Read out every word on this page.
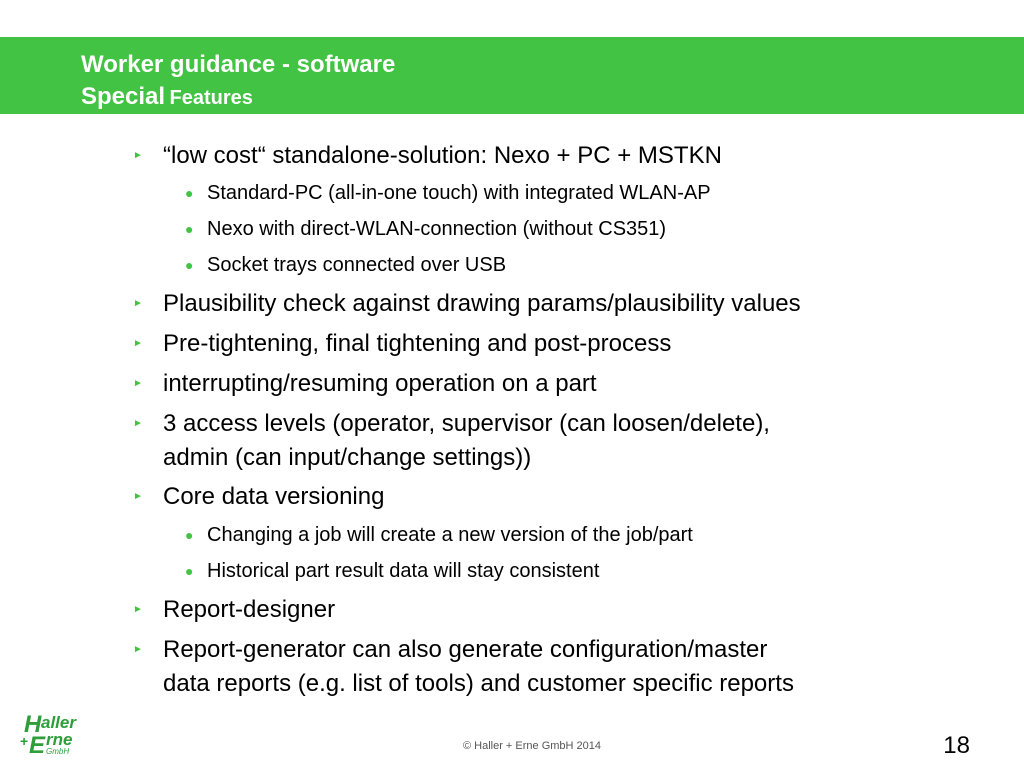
Worker guidance - software
Special Features
► “low cost“ standalone-solution: Nexo + PC + MSTKN
● Standard-PC (all-in-one touch) with integrated WLAN-AP
● Nexo with direct-WLAN-connection (without CS351)
● Socket trays connected over USB
► Plausibility check against drawing params/plausibility values
► Pre-tightening, final tightening and post-process
► interrupting/resuming operation on a part
► 3 access levels (operator, supervisor (can loosen/delete),
admin (can input/change settings))
► Core data versioning
● Changing a job will create a new version of the job/part
● Historical part result data will stay consistent
► Report-designer
► Report-generator can also generate configuration/master
data reports (e.g. list of tools) and customer specific reports
H aller
+ E rne
GmbH	© Haller + Erne GmbH 2014	18
